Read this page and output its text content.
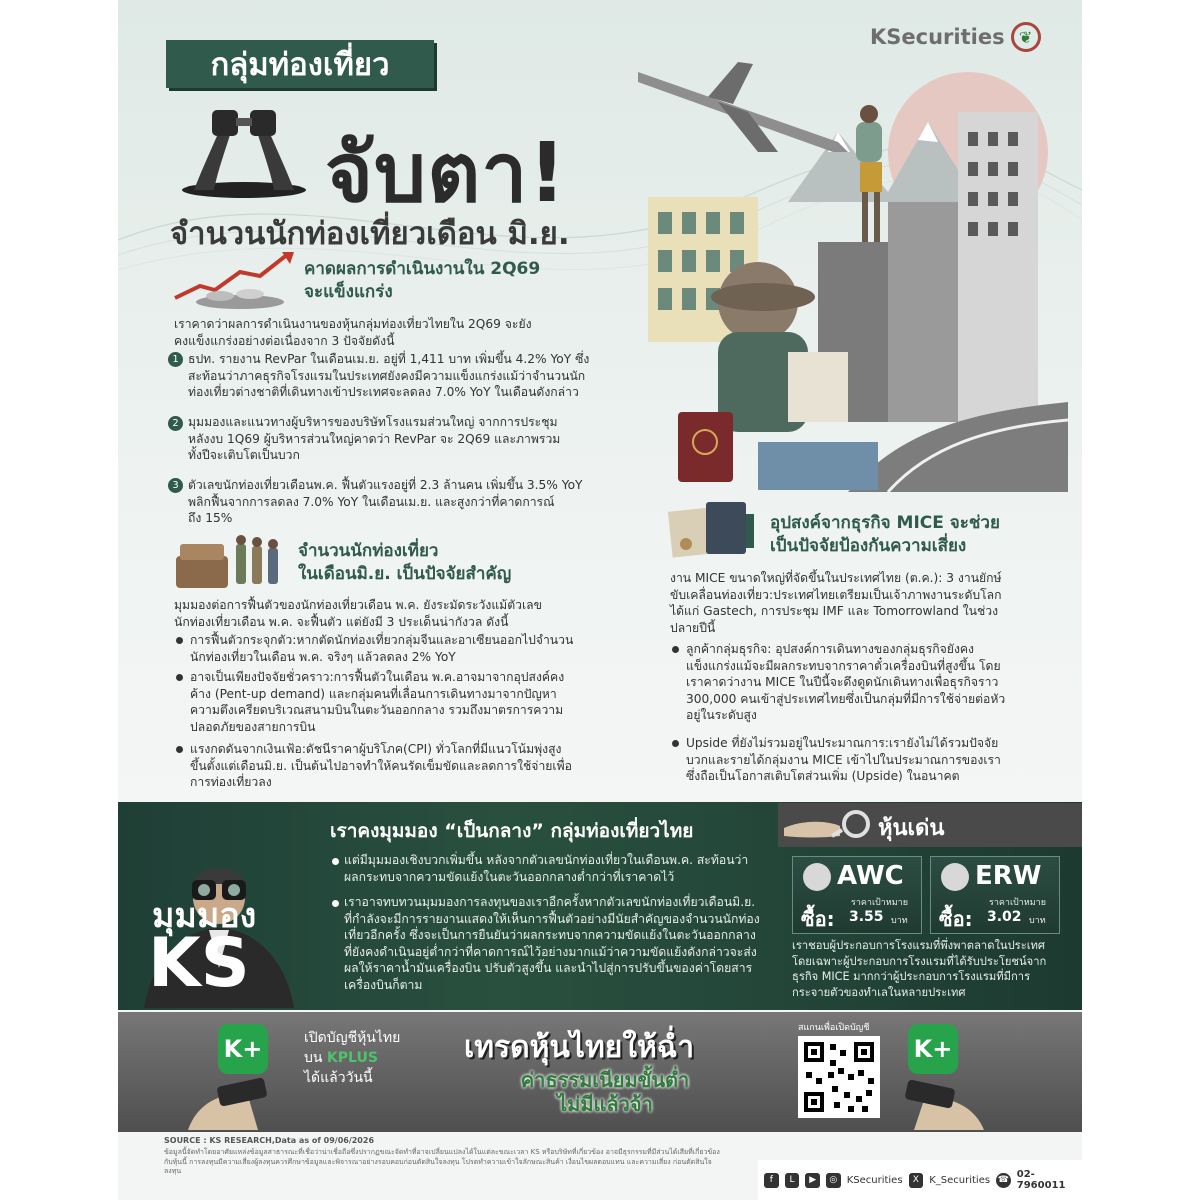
กลุ่มท่องเที่ยว
KSecurities ❦
จับตา!
จำนวนนักท่องเที่ยวเดือน มิ.ย.
คาดผลการดำเนินงานใน 2Q69
จะแข็งแกร่ง
เราคาดว่าผลการดำเนินงานของหุ้นกลุ่มท่องเที่ยวไทยใน 2Q69 จะยัง
คงแข็งแกร่งอย่างต่อเนื่องจาก 3 ปัจจัยดังนี้
1 ธปท. รายงาน RevPar ในเดือนเม.ย. อยู่ที่ 1,411 บาท เพิ่มขึ้น 4.2% YoY ซึ่ง
สะท้อนว่าภาคธุรกิจโรงแรมในประเทศยังคงมีความแข็งแกร่งแม้ว่าจำนวนนัก
ท่องเที่ยวต่างชาติที่เดินทางเข้าประเทศจะลดลง 7.0% YoY ในเดือนดังกล่าว
2 มุมมองและแนวทางผู้บริหารของบริษัทโรงแรมส่วนใหญ่ จากการประชุม
หลังงบ 1Q69 ผู้บริหารส่วนใหญ่คาดว่า RevPar จะ 2Q69 และภาพรวม
ทั้งปีจะเติบโตเป็นบวก
3 ตัวเลขนักท่องเที่ยวเดือนพ.ค. ฟื้นตัวแรงอยู่ที่ 2.3 ล้านคน เพิ่มขึ้น 3.5% YoY
พลิกฟื้นจากการลดลง 7.0% YoY ในเดือนเม.ย. และสูงกว่าที่คาดการณ์
ถึง 15%
จำนวนนักท่องเที่ยว
ในเดือนมิ.ย. เป็นปัจจัยสำคัญ
มุมมองต่อการฟื้นตัวของนักท่องเที่ยวเดือน พ.ค. ยังระมัดระวังแม้ตัวเลข
นักท่องเที่ยวเดือน พ.ค. จะฟื้นตัว แต่ยังมี 3 ประเด็นน่ากังวล ดังนี้
การฟื้นตัวกระจุกตัว:หากตัดนักท่องเที่ยวกลุ่มจีนและอาเซียนออกไปจำนวน
นักท่องเที่ยวในเดือน พ.ค. จริงๆ แล้วลดลง 2% YoY
อาจเป็นเพียงปัจจัยชั่วคราว:การฟื้นตัวในเดือน พ.ค.อาจมาจากอุปสงค์คง
ค้าง (Pent-up demand) และกลุ่มคนที่เลื่อนการเดินทางมาจากปัญหา
ความตึงเครียดบริเวณสนามบินในตะวันออกกลาง รวมถึงมาตรการความ
ปลอดภัยของสายการบิน
แรงกดดันจากเงินเฟ้อ:ดัชนีราคาผู้บริโภค(CPI) ทั่วโลกที่มีแนวโน้มพุ่งสูง
ขึ้นตั้งแต่เดือนมิ.ย. เป็นต้นไปอาจทำให้คนรัดเข็มขัดและลดการใช้จ่ายเพื่อ
การท่องเที่ยวลง
อุปสงค์จากธุรกิจ MICE จะช่วย
เป็นปัจจัยป้องกันความเสี่ยง
งาน MICE ขนาดใหญ่ที่จัดขึ้นในประเทศไทย (ต.ค.): 3 งานยักษ์
ขับเคลื่อนท่องเที่ยว:ประเทศไทยเตรียมเป็นเจ้าภาพงานระดับโลก
ได้แก่ Gastech, การประชุม IMF และ Tomorrowland ในช่วง
ปลายปีนี้
ลูกค้ากลุ่มธุรกิจ: อุปสงค์การเดินทางของกลุ่มธุรกิจยังคง
แข็งแกร่งแม้จะมีผลกระทบจากราคาตั๋วเครื่องบินที่สูงขึ้น โดย
เราคาดว่างาน MICE ในปีนี้จะดึงดูดนักเดินทางเพื่อธุรกิจราว
300,000 คนเข้าสู่ประเทศไทยซึ่งเป็นกลุ่มที่มีการใช้จ่ายต่อหัว
อยู่ในระดับสูง
Upside ที่ยังไม่รวมอยู่ในประมาณการ:เรายังไม่ได้รวมปัจจัย
บวกและรายได้กลุ่มงาน MICE เข้าไปในประมาณการของเรา
ซึ่งถือเป็นโอกาสเติบโตส่วนเพิ่ม (Upside) ในอนาคต
มุมมอง
KS
เราคงมุมมอง “เป็นกลาง” กลุ่มท่องเที่ยวไทย
แต่มีมุมมองเชิงบวกเพิ่มขึ้น หลังจากตัวเลขนักท่องเที่ยวในเดือนพ.ค. สะท้อนว่า
ผลกระทบจากความขัดแย้งในตะวันออกกลางต่ำกว่าที่เราคาดไว้
เราอาจทบทวนมุมมองการลงทุนของเราอีกครั้งหากตัวเลขนักท่องเที่ยวเดือนมิ.ย.
ที่กำลังจะมีการรายงานแสดงให้เห็นการฟื้นตัวอย่างมีนัยสำคัญของจำนวนนักท่อง
เที่ยวอีกครั้ง ซึ่งจะเป็นการยืนยันว่าผลกระทบจากความขัดแย้งในตะวันออกกลาง
ที่ยังคงดำเนินอยู่ต่ำกว่าที่คาดการณ์ไว้อย่างมากแม้ว่าความขัดแย้งดังกล่าวจะส่ง
ผลให้ราคาน้ำมันเครื่องบิน ปรับตัวสูงขึ้น และนำไปสู่การปรับขึ้นของค่าโดยสาร
เครื่องบินก็ตาม
หุ้นเด่น
AWC
ราคาเป้าหมาย
ซื้อ: 3.55 บาท
ERW
ราคาเป้าหมาย
ซื้อ: 3.02 บาท
เราชอบผู้ประกอบการโรงแรมที่พึ่งพาตลาดในประเทศ
โดยเฉพาะผู้ประกอบการโรงแรมที่ได้รับประโยชน์จาก
ธุรกิจ MICE มากกว่าผู้ประกอบการโรงแรมที่มีการ
กระจายตัวของทำเลในหลายประเทศ
K+	เปิดบัญชีหุ้นไทย
บน KPLUS
ได้แล้ววันนี้
เทรดหุ้นไทยให้ฉ่ำ
ค่าธรรมเนียมขั้นต่ำ
ไม่มีแล้วจ้า
สแกนเพื่อเปิดบัญชี
K+
SOURCE : KS RESEARCH,Data as of 09/06/2026
ข้อมูลนี้จัดทำโดยอาศัยแหล่งข้อมูลสาธารณะที่เชื่อว่าน่าเชื่อถือซึ่งปรากฏขณะจัดทำที่อาจเปลี่ยนแปลงได้ในแต่ละขณะเวลา KS หรือบริษัทที่เกี่ยวข้อง อาจมีธุรกรรมที่มีส่วนได้เสียที่เกี่ยวข้องกับหุ้นนี้ การลงทุนมีความเสี่ยงผู้ลงทุนควรศึกษาข้อมูลและพิจารณาอย่างรอบคอบก่อนตัดสินใจลงทุน โปรดทำความเข้าใจลักษณะสินค้า เงื่อนไขผลตอบแทน และความเสี่ยง ก่อนตัดสินใจลงทุน
f	L	▶	◎ KSecurities	X	K_Securities ☎ 02-7960011
